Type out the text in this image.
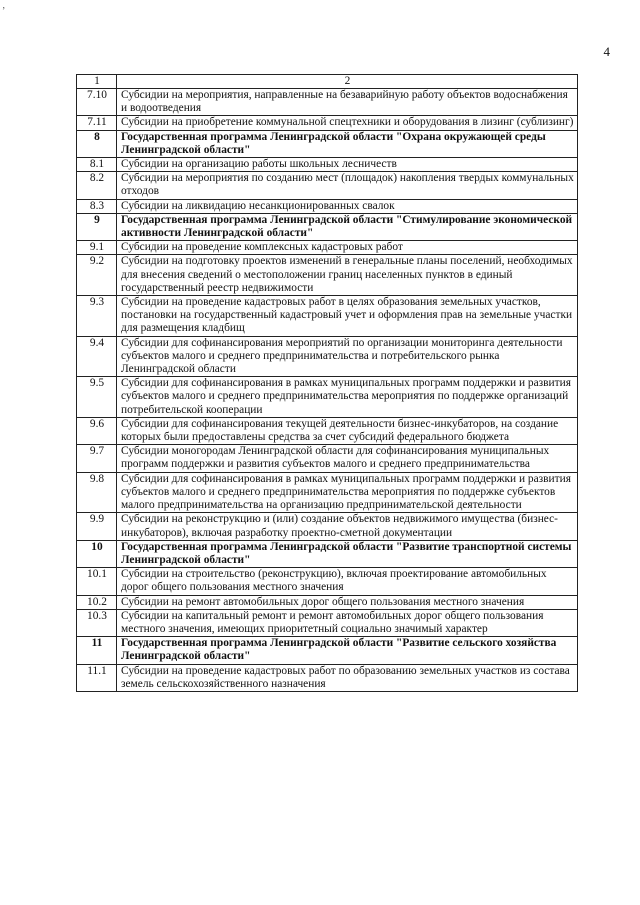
’
4
1	2
7.10	Субсидии на мероприятия, направленные на безаварийную работу объектов водоснабжения и водоотведения
7.11	Субсидии на приобретение коммунальной спецтехники и оборудования в лизинг (сублизинг)
8	Государственная программа Ленинградской области "Охрана окружающей среды Ленинградской области"
8.1	Субсидии на организацию работы школьных лесничеств
8.2	Субсидии на мероприятия по созданию мест (площадок) накопления твердых коммунальных отходов
8.3	Субсидии на ликвидацию несанкционированных свалок
9	Государственная программа Ленинградской области "Стимулирование экономической активности Ленинградской области"
9.1	Субсидии на проведение комплексных кадастровых работ
9.2	Субсидии на подготовку проектов изменений в генеральные планы поселений, необходимых для внесения сведений о местоположении границ населенных пунктов в единый государственный реестр недвижимости
9.3	Субсидии на проведение кадастровых работ в целях образования земельных участков, постановки на государственный кадастровый учет и оформления прав на земельные участки для размещения кладбищ
9.4	Субсидии для софинансирования мероприятий по организации мониторинга деятельности субъектов малого и среднего предпринимательства и потребительского рынка Ленинградской области
9.5	Субсидии для софинансирования в рамках муниципальных программ поддержки и развития субъектов малого и среднего предпринимательства мероприятия по поддержке организаций потребительской кооперации
9.6	Субсидии для софинансирования текущей деятельности бизнес-инкубаторов, на создание которых были предоставлены средства за счет субсидий федерального бюджета
9.7	Субсидии моногородам Ленинградской области для софинансирования муниципальных программ поддержки и развития субъектов малого и среднего предпринимательства
9.8	Субсидии для софинансирования в рамках муниципальных программ поддержки и развития субъектов малого и среднего предпринимательства мероприятия по поддержке субъектов малого предпринимательства на организацию предпринимательской деятельности
9.9	Субсидии на реконструкцию и (или) создание объектов недвижимого имущества (бизнес-инкубаторов), включая разработку проектно-сметной документации
10	Государственная программа Ленинградской области "Развитие транспортной системы Ленинградской области"
10.1	Субсидии на строительство (реконструкцию), включая проектирование автомобильных дорог общего пользования местного значения
10.2	Субсидии на ремонт автомобильных дорог общего пользования местного значения
10.3	Субсидии на капитальный ремонт и ремонт автомобильных дорог общего пользования местного значения, имеющих приоритетный социально значимый характер
11	Государственная программа Ленинградской области "Развитие сельского хозяйства Ленинградской области"
11.1	Субсидии на проведение кадастровых работ по образованию земельных участков из состава земель сельскохозяйственного назначения
